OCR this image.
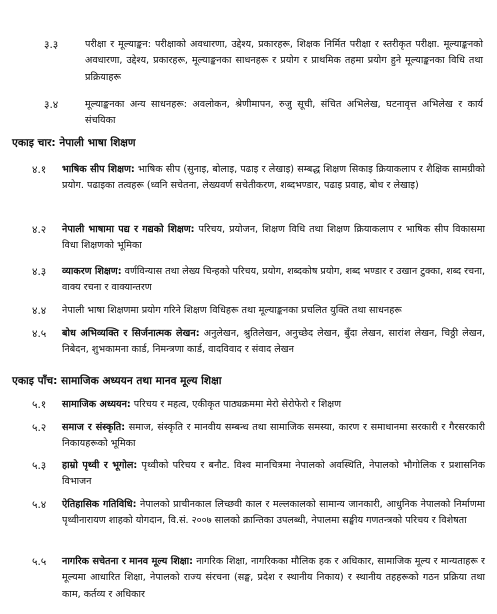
३.३	परीक्षा र मूल्याङ्कन: परीक्षाको अवधारणा, उद्देश्य, प्रकारहरू, शिक्षक निर्मित परीक्षा र स्तरीकृत परीक्षा. मूल्याङ्कनको अवधारणा, उद्देश्य, प्रकारहरू, मूल्याङ्कनका साधनहरू र प्रयोग र प्राथमिक तहमा प्रयोग हुने मूल्याङ्कनका विधि तथा प्रक्रियाहरू
३.४	मूल्याङ्कनका अन्य साधनहरू: अवलोकन, श्रेणीमापन, रुजु सूची, संचित अभिलेख, घटनावृत्त अभिलेख र कार्य संचयिका
एकाइ चार: नेपाली भाषा शिक्षण
४.१ भाषिक सीप शिक्षण: भाषिक सीप (सुनाइ, बोलाइ, पढाइ र लेखाइ) सम्बद्ध शिक्षण सिकाइ क्रियाकलाप र शैक्षिक सामग्रीको प्रयोग. पढाइका तत्वहरू (ध्वनि सचेतना, लेख्यवर्ण सचेतीकरण, शब्दभण्डार, पढाइ प्रवाह, बोध र लेखाइ)
४.२ नेपाली भाषामा पद्य र गद्यको शिक्षण: परिचय, प्रयोजन, शिक्षण विधि तथा शिक्षण क्रियाकलाप र भाषिक सीप विकासमा विधा शिक्षणको भूमिका
४.३ व्याकरण शिक्षण: वर्णविन्यास तथा लेख्य चिन्हको परिचय, प्रयोग, शब्दकोष प्रयोग, शब्द भण्डार र उखान टुक्का, शब्द रचना, वाक्य रचना र वाक्यान्तरण
४.४ नेपाली भाषा शिक्षणमा प्रयोग गरिने शिक्षण विधिहरू तथा मूल्याङ्कनका प्रचलित युक्ति तथा साधनहरू
४.५ बोध अभिव्यक्ति र सिर्जनात्मक लेखन: अनुलेखन, श्रुतिलेखन, अनुच्छेद लेखन, बुँदा लेखन, सारांश लेखन, चिठ्ठी लेखन, निबेदन, शुभकामना कार्ड, निमन्त्रणा कार्ड, वादविवाद र संवाद लेखन
एकाइ पाँच: सामाजिक अध्ययन तथा मानव मूल्य शिक्षा
५.१ सामाजिक अध्ययन: परिचय र महत्व, एकीकृत पाठ्यक्रममा मेरो सेरोफेरो र शिक्षण
५.२ समाज र संस्कृति: समाज, संस्कृति र मानवीय सम्बन्ध तथा सामाजिक समस्या, कारण र समाधानमा सरकारी र गैरसरकारी निकायहरूको भूमिका
५.३ हाम्रो पृथ्वी र भूगोल: पृथ्वीको परिचय र बनौट. विश्व मानचित्रमा नेपालको अवस्थिति, नेपालको भौगोलिक र प्रशासनिक विभाजन
५.४ ऐतिहासिक गतिविधि: नेपालको प्राचीनकाल लिच्छवी काल र मल्लकालको सामान्य जानकारी, आधुनिक नेपालको निर्माणमा पृथ्वीनारायण शाहको योगदान, वि.सं. २००७ सालको क्रान्तिका उपलब्धी, नेपालमा सङ्घीय गणतन्त्रको परिचय र विशेषता
५.५ नागरिक सचेतना र मानव मूल्य शिक्षा: नागरिक शिक्षा, नागरिकका मौलिक हक र अधिकार, सामाजिक मूल्य र मान्यताहरू र मूल्यमा आधारित शिक्षा, नेपालको राज्य संरचना (सङ्घ, प्रदेश र स्थानीय निकाय) र स्थानीय तहहरूको गठन प्रक्रिया तथा काम, कर्तव्य र अधिकार
